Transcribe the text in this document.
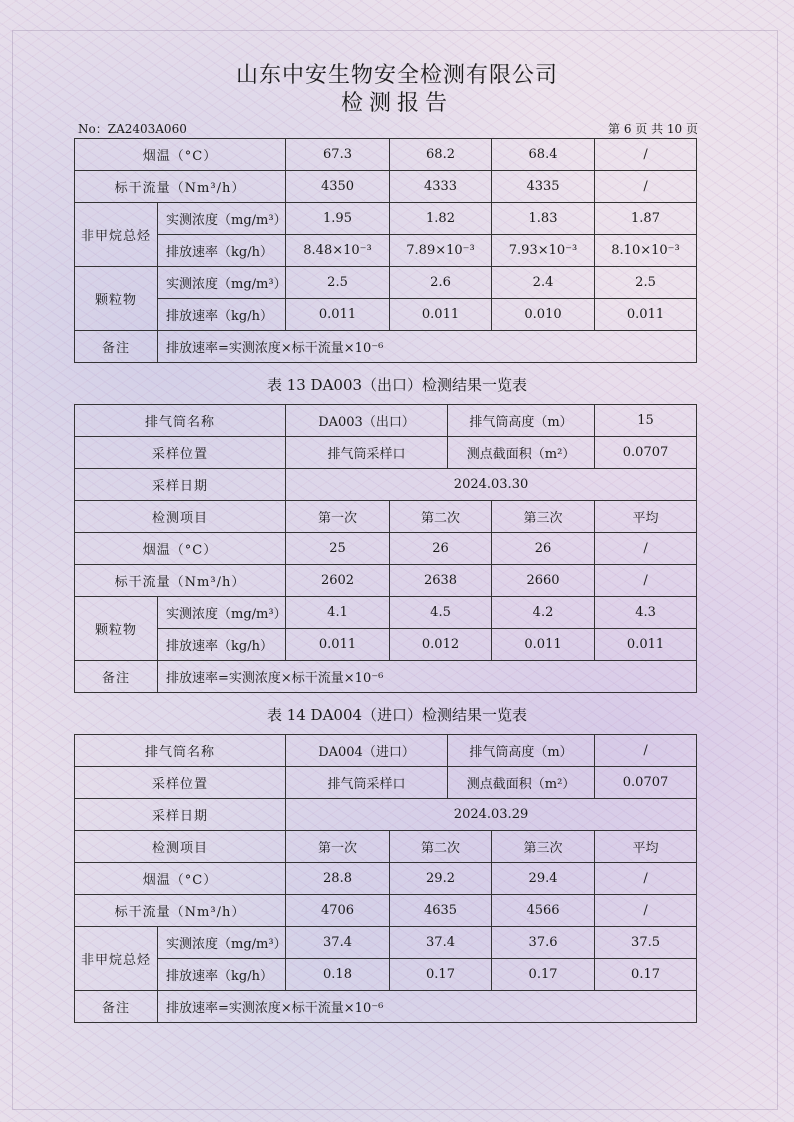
山东中安生物安全检测有限公司
检测报告
No：ZA2403A060	第 6 页 共 10 页
烟温（°C）		67.3	68.2	68.4	/
标干流量（Nm³/h）		4350	4333	4335	/
非甲烷总烃	实测浓度（mg/m³）	1.95	1.82	1.83	1.87
	排放速率（kg/h）	8.48×10⁻³	7.89×10⁻³	7.93×10⁻³	8.10×10⁻³
颗粒物	实测浓度（mg/m³）	2.5	2.6	2.4	2.5
	排放速率（kg/h）	0.011	0.011	0.010	0.011
备注	排放速率=实测浓度×标干流量×10⁻⁶				
表 13 DA003（出口）检测结果一览表
排气筒名称		DA003（出口）		排气筒高度（m）		15
采样位置		排气筒采样口		测点截面积（m²）		0.0707
采样日期		2024.03.30				
检测项目		第一次	第二次		第三次	平均
烟温（°C）		25	26		26	/
标干流量（Nm³/h）		2602	2638		2660	/
颗粒物	实测浓度（mg/m³）	4.1	4.5		4.2	4.3
	排放速率（kg/h）	0.011	0.012		0.011	0.011
备注	排放速率=实测浓度×标干流量×10⁻⁶					
表 14 DA004（进口）检测结果一览表
排气筒名称		DA004（进口）		排气筒高度（m）		/
采样位置		排气筒采样口		测点截面积（m²）		0.0707
采样日期		2024.03.29				
检测项目		第一次	第二次		第三次	平均
烟温（°C）		28.8	29.2		29.4	/
标干流量（Nm³/h）		4706	4635		4566	/
非甲烷总烃	实测浓度（mg/m³）	37.4	37.4		37.6	37.5
	排放速率（kg/h）	0.18	0.17		0.17	0.17
备注	排放速率=实测浓度×标干流量×10⁻⁶					
